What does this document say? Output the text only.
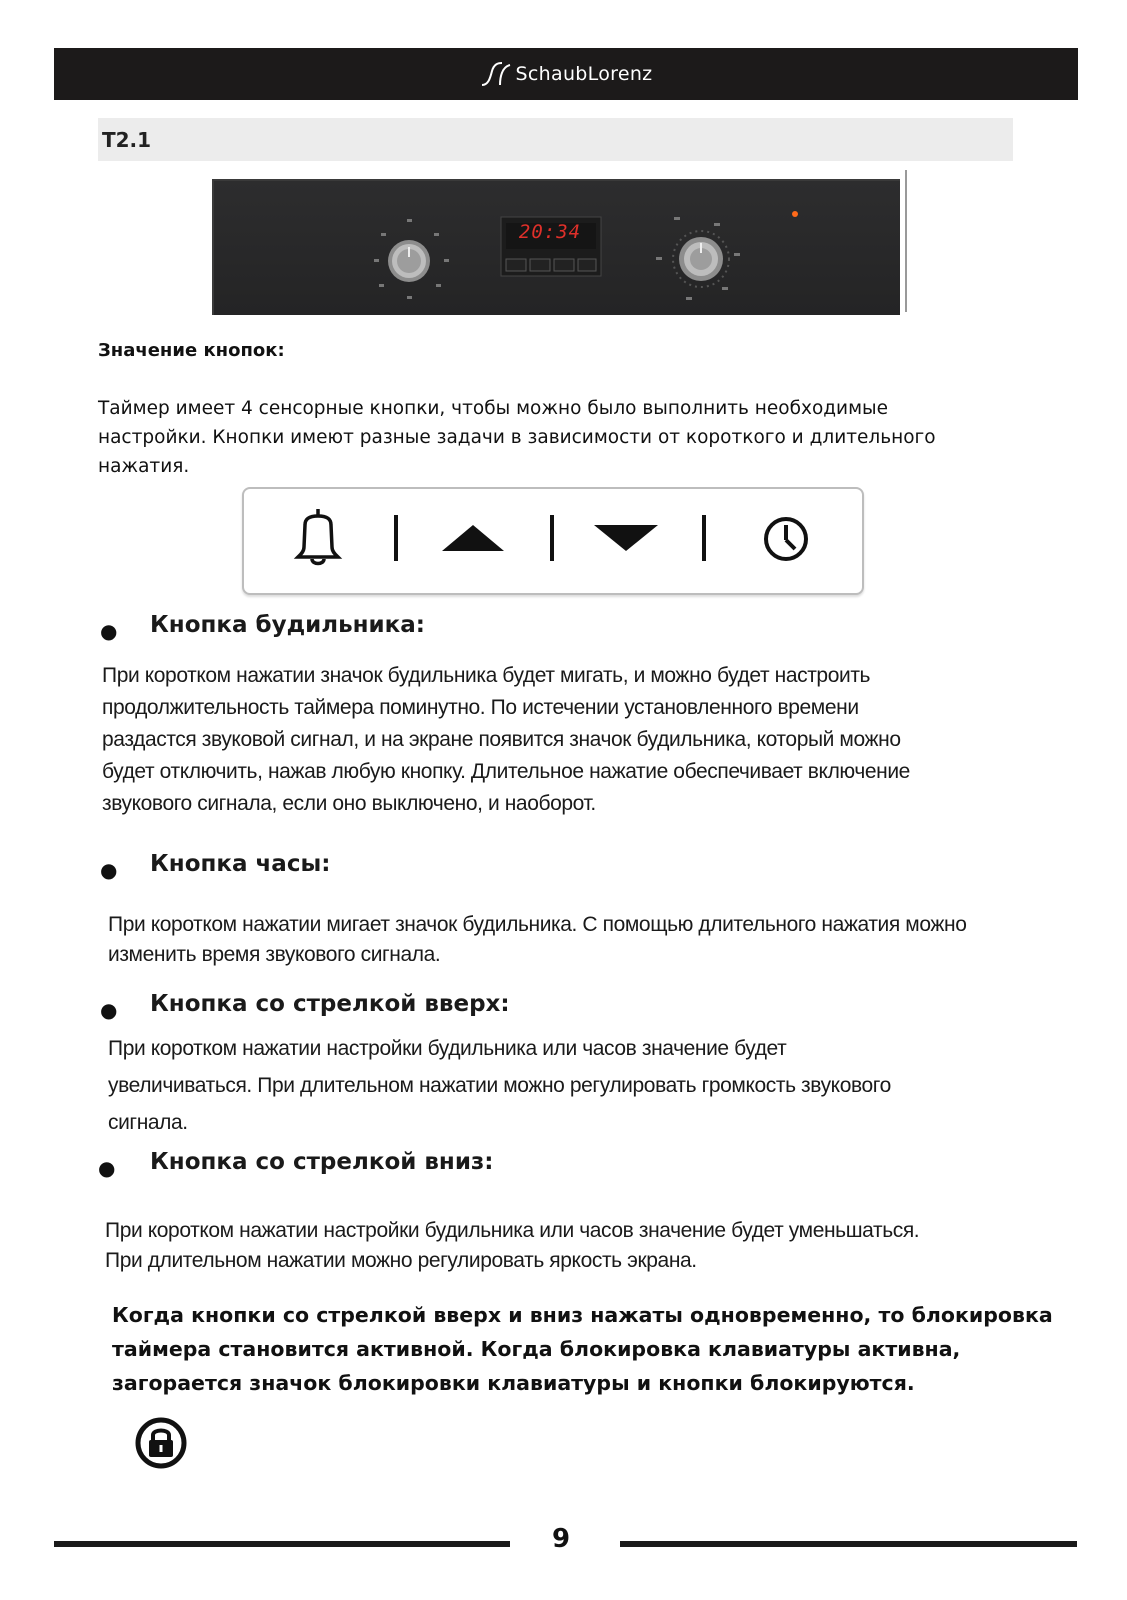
SchaubLorenz
T2.1
20:34
Значение кнопок:
Таймер имеет 4 сенсорные кнопки, чтобы можно было выполнить необходимые
настройки. Кнопки имеют разные задачи в зависимости от короткого и длительного
нажатия.
● Кнопка будильника:
При коротком нажатии значок будильника будет мигать, и можно будет настроить
продолжительность таймера поминутно. По истечении установленного времени
раздастся звуковой сигнал, и на экране появится значок будильника, который можно
будет отключить, нажав любую кнопку. Длительное нажатие обеспечивает включение
звукового сигнала, если оно выключено, и наоборот.
● Кнопка часы:
При коротком нажатии мигает значок будильника. С помощью длительного нажатия можно
изменить время звукового сигнала.
● Кнопка со стрелкой вверх:
При коротком нажатии настройки будильника или часов значение будет
увеличиваться. При длительном нажатии можно регулировать громкость звукового
сигнала.
● Кнопка со стрелкой вниз:
При коротком нажатии настройки будильника или часов значение будет уменьшаться.
При длительном нажатии можно регулировать яркость экрана.
Когда кнопки со стрелкой вверх и вниз нажаты одновременно, то блокировка
таймера становится активной. Когда блокировка клавиатуры активна,
загорается значок блокировки клавиатуры и кнопки блокируются.
9
